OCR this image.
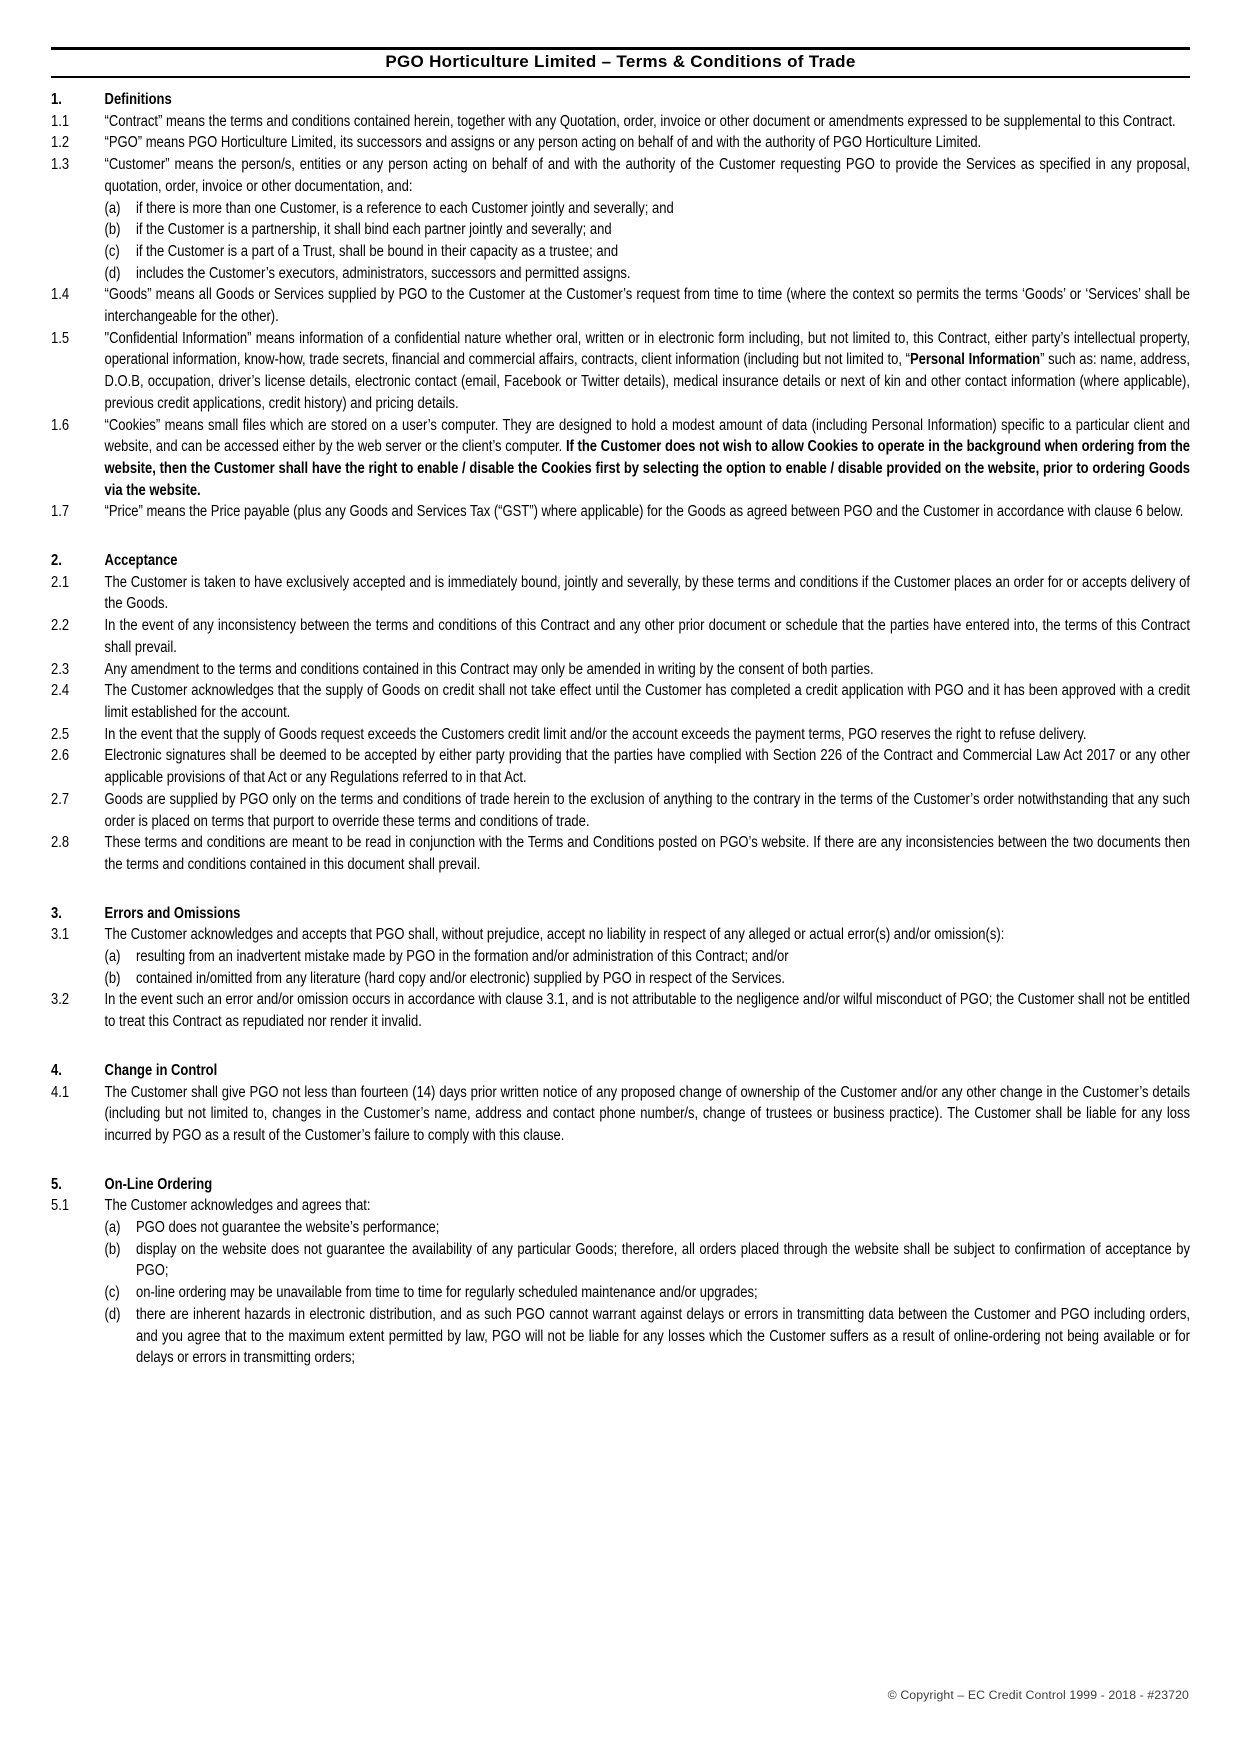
PGO Horticulture Limited – Terms & Conditions of Trade
1.	Definitions
1.1	“Contract” means the terms and conditions contained herein, together with any Quotation, order, invoice or other document or amendments expressed to be supplemental to this Contract.
1.2	“PGO” means PGO Horticulture Limited, its successors and assigns or any person acting on behalf of and with the authority of PGO Horticulture Limited.
1.3	“Customer” means the person/s, entities or any person acting on behalf of and with the authority of the Customer requesting PGO to provide the Services as specified in any proposal, quotation, order, invoice or other documentation, and:
(a)	if there is more than one Customer, is a reference to each Customer jointly and severally; and
(b)	if the Customer is a partnership, it shall bind each partner jointly and severally; and
(c)	if the Customer is a part of a Trust, shall be bound in their capacity as a trustee; and
(d)	includes the Customer’s executors, administrators, successors and permitted assigns.
1.4	“Goods” means all Goods or Services supplied by PGO to the Customer at the Customer’s request from time to time (where the context so permits the terms ‘Goods’ or ‘Services’ shall be interchangeable for the other).
1.5	"Confidential Information” means information of a confidential nature whether oral, written or in electronic form including, but not limited to, this Contract, either party’s intellectual property, operational information, know-how, trade secrets, financial and commercial affairs, contracts, client information (including but not limited to, “Personal Information” such as: name, address, D.O.B, occupation, driver’s license details, electronic contact (email, Facebook or Twitter details), medical insurance details or next of kin and other contact information (where applicable), previous credit applications, credit history) and pricing details.
1.6	“Cookies” means small files which are stored on a user’s computer. They are designed to hold a modest amount of data (including Personal Information) specific to a particular client and website, and can be accessed either by the web server or the client’s computer. If the Customer does not wish to allow Cookies to operate in the background when ordering from the website, then the Customer shall have the right to enable / disable the Cookies first by selecting the option to enable / disable provided on the website, prior to ordering Goods via the website.
1.7	“Price” means the Price payable (plus any Goods and Services Tax (“GST”) where applicable) for the Goods as agreed between PGO and the Customer in accordance with clause 6 below.
2.	Acceptance
2.1	The Customer is taken to have exclusively accepted and is immediately bound, jointly and severally, by these terms and conditions if the Customer places an order for or accepts delivery of the Goods.
2.2	In the event of any inconsistency between the terms and conditions of this Contract and any other prior document or schedule that the parties have entered into, the terms of this Contract shall prevail.
2.3	Any amendment to the terms and conditions contained in this Contract may only be amended in writing by the consent of both parties.
2.4	The Customer acknowledges that the supply of Goods on credit shall not take effect until the Customer has completed a credit application with PGO and it has been approved with a credit limit established for the account.
2.5	In the event that the supply of Goods request exceeds the Customers credit limit and/or the account exceeds the payment terms, PGO reserves the right to refuse delivery.
2.6	Electronic signatures shall be deemed to be accepted by either party providing that the parties have complied with Section 226 of the Contract and Commercial Law Act 2017 or any other applicable provisions of that Act or any Regulations referred to in that Act.
2.7	Goods are supplied by PGO only on the terms and conditions of trade herein to the exclusion of anything to the contrary in the terms of the Customer’s order notwithstanding that any such order is placed on terms that purport to override these terms and conditions of trade.
2.8	These terms and conditions are meant to be read in conjunction with the Terms and Conditions posted on PGO’s website. If there are any inconsistencies between the two documents then the terms and conditions contained in this document shall prevail.
3.	Errors and Omissions
3.1	The Customer acknowledges and accepts that PGO shall, without prejudice, accept no liability in respect of any alleged or actual error(s) and/or omission(s):
(a)	resulting from an inadvertent mistake made by PGO in the formation and/or administration of this Contract; and/or
(b)	contained in/omitted from any literature (hard copy and/or electronic) supplied by PGO in respect of the Services.
3.2	In the event such an error and/or omission occurs in accordance with clause 3.1, and is not attributable to the negligence and/or wilful misconduct of PGO; the Customer shall not be entitled to treat this Contract as repudiated nor render it invalid.
4.	Change in Control
4.1	The Customer shall give PGO not less than fourteen (14) days prior written notice of any proposed change of ownership of the Customer and/or any other change in the Customer’s details (including but not limited to, changes in the Customer’s name, address and contact phone number/s, change of trustees or business practice). The Customer shall be liable for any loss incurred by PGO as a result of the Customer’s failure to comply with this clause.
5.	On-Line Ordering
5.1	The Customer acknowledges and agrees that:
(a)	PGO does not guarantee the website’s performance;
(b)	display on the website does not guarantee the availability of any particular Goods; therefore, all orders placed through the website shall be subject to confirmation of acceptance by PGO;
(c)	on-line ordering may be unavailable from time to time for regularly scheduled maintenance and/or upgrades;
(d)	there are inherent hazards in electronic distribution, and as such PGO cannot warrant against delays or errors in transmitting data between the Customer and PGO including orders, and you agree that to the maximum extent permitted by law, PGO will not be liable for any losses which the Customer suffers as a result of online-ordering not being available or for delays or errors in transmitting orders;
© Copyright – EC Credit Control 1999 - 2018 - #23720
